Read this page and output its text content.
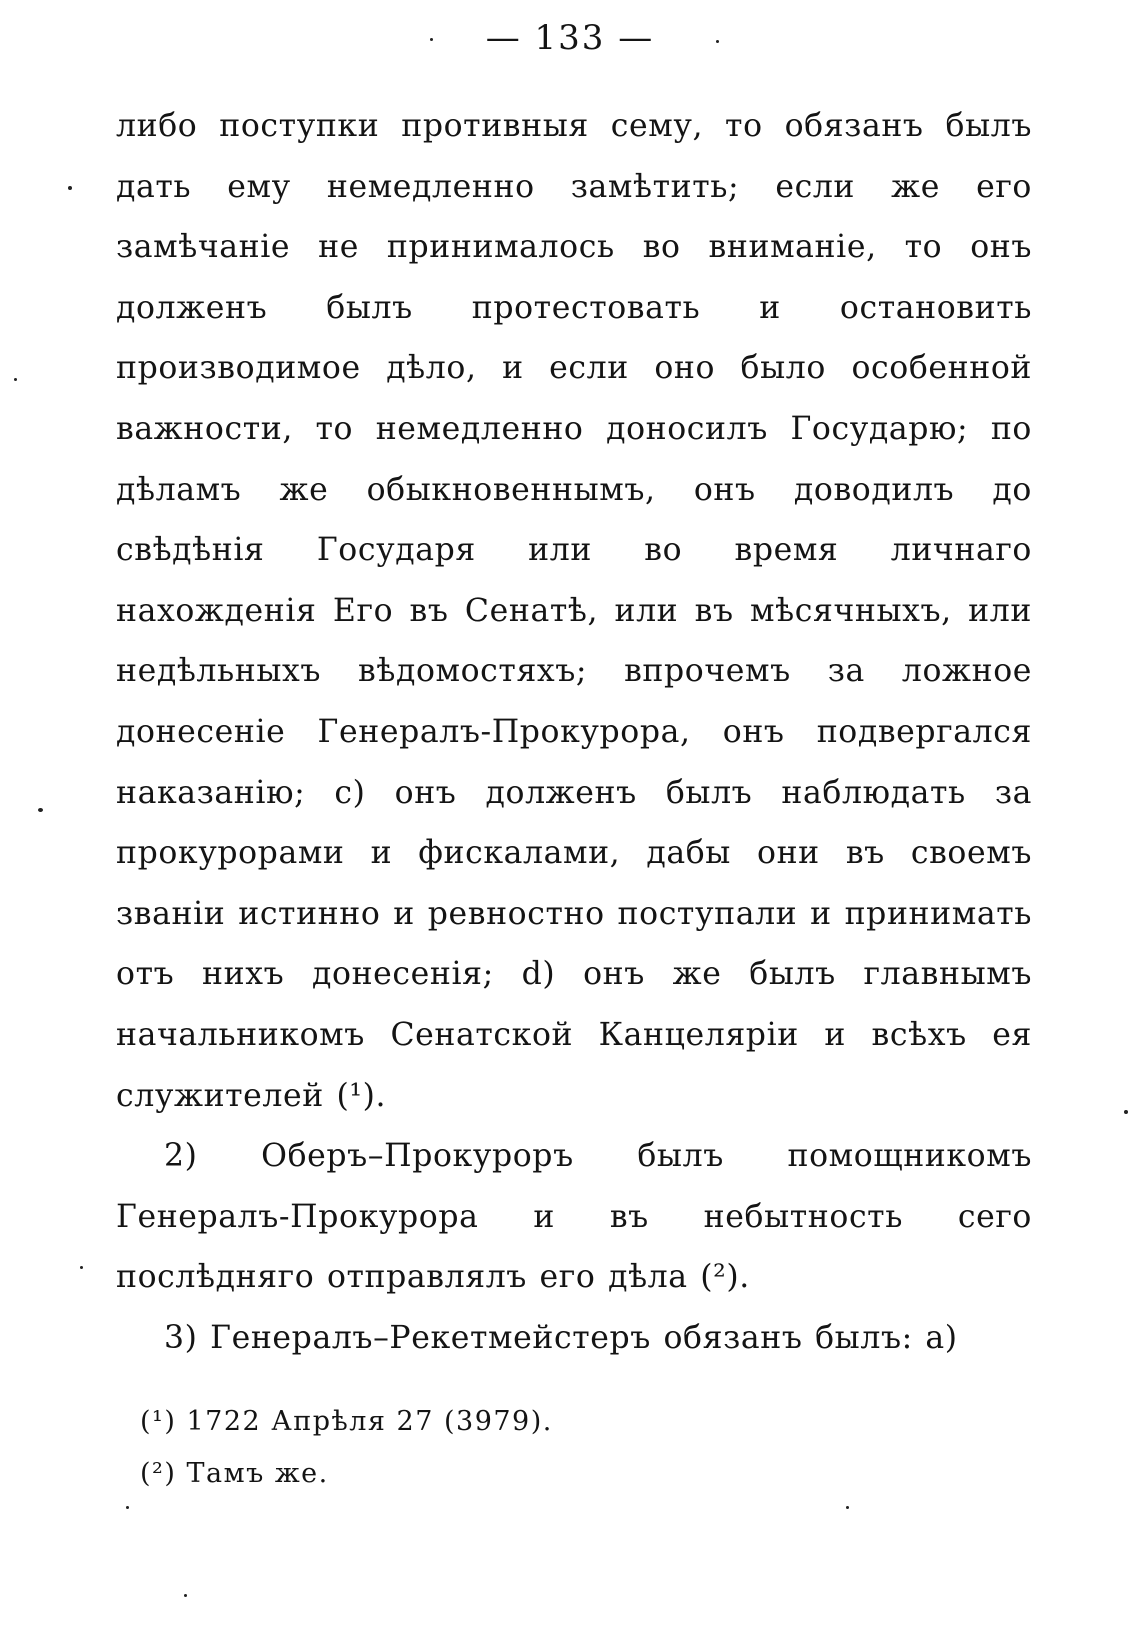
— 133 —

либо поступки противныя сему, то обязанъ былъ дать ему немедленно замѣтить; если же его замѣчаніе не принималось во вниманіе, то онъ долженъ былъ протестовать и остановить производимое дѣло, и если оно было особенной важности, то немедленно доносилъ Государю; по дѣламъ же обыкновеннымъ, онъ доводилъ до свѣдѣнія Государя или во время личнаго нахожденія Его въ Сенатѣ, или въ мѣсячныхъ, или недѣльныхъ вѣдомостяхъ; впрочемъ за ложное донесеніе Генералъ-Прокурора, онъ подвергался наказанію; c) онъ долженъ былъ наблюдать за прокурорами и фискалами, дабы они въ своемъ званіи истинно и ревностно поступали и принимать отъ нихъ донесенія; d) онъ же былъ главнымъ начальникомъ Сенатской Канцеляріи и всѣхъ ея служителей (¹).

2) Оберъ–Прокуроръ былъ помощникомъ Генералъ-Прокурора и въ небытность сего послѣдняго отправлялъ его дѣла (²).

3) Генералъ–Рекетмейстеръ обязанъ былъ: а)

(¹) 1722 Апрѣля 27 (3979).
(²) Тамъ же.
